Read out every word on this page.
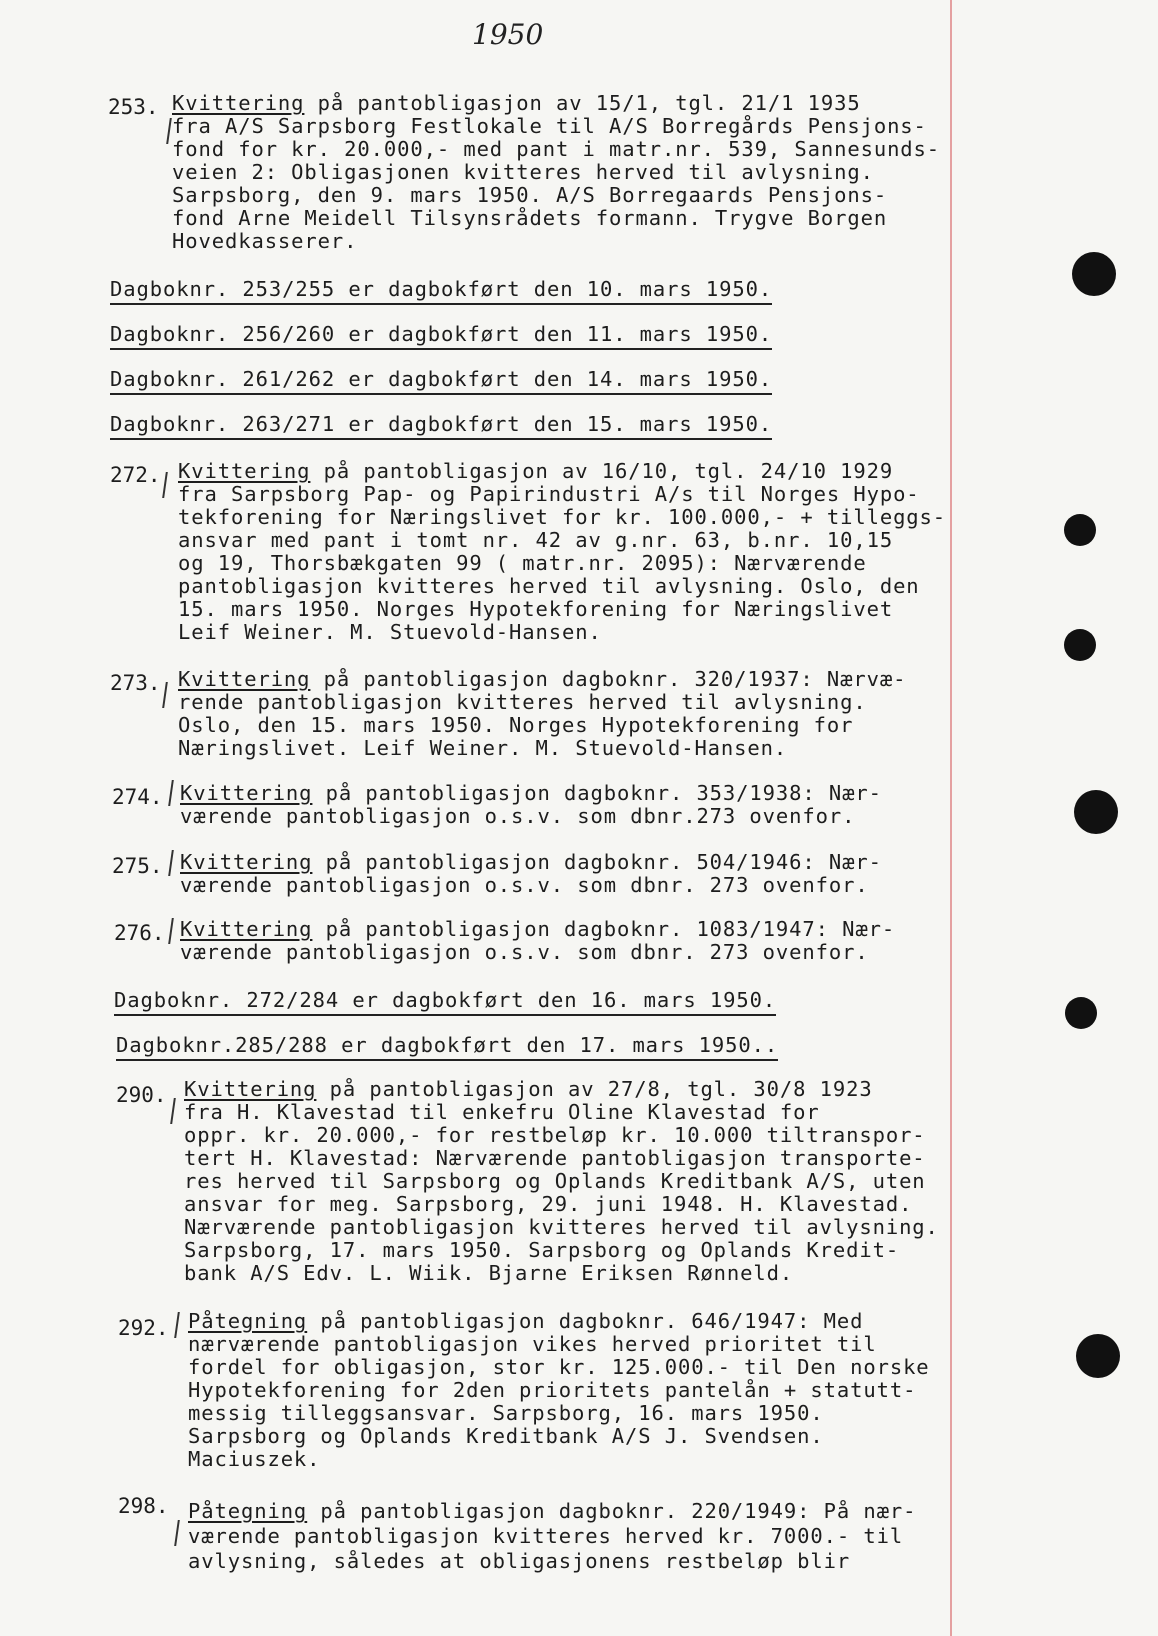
1950
253. Kvittering på pantobligasjon av 15/1, tgl. 21/1 1935
fra A/S Sarpsborg Festlokale til A/S Borregårds Pensjons-
fond for kr. 20.000,- med pant i matr.nr. 539, Sannesunds-
veien 2: Obligasjonen kvitteres herved til avlysning.
Sarpsborg, den 9. mars 1950. A/S Borregaards Pensjons-
fond Arne Meidell Tilsynsrådets formann. Trygve Borgen
Hovedkasserer.
Dagboknr. 253/255 er dagbokført den 10. mars 1950.
Dagboknr. 256/260 er dagbokført den 11. mars 1950.
Dagboknr. 261/262 er dagbokført den 14. mars 1950.
Dagboknr. 263/271 er dagbokført den 15. mars 1950.
272. Kvittering på pantobligasjon av 16/10, tgl. 24/10 1929
fra Sarpsborg Pap- og Papirindustri A/s til Norges Hypo-
tekforening for Næringslivet for kr. 100.000,- + tilleggs-
ansvar med pant i tomt nr. 42 av g.nr. 63, b.nr. 10,15
og 19, Thorsbækgaten 99 ( matr.nr. 2095): Nærværende
pantobligasjon kvitteres herved til avlysning. Oslo, den
15. mars 1950. Norges Hypotekforening for Næringslivet
Leif Weiner. M. Stuevold-Hansen.
273. Kvittering på pantobligasjon dagboknr. 320/1937: Nærvæ-
rende pantobligasjon kvitteres herved til avlysning.
Oslo, den 15. mars 1950. Norges Hypotekforening for
Næringslivet. Leif Weiner. M. Stuevold-Hansen.
274. Kvittering på pantobligasjon dagboknr. 353/1938: Nær-
værende pantobligasjon o.s.v. som dbnr.273 ovenfor.
275. Kvittering på pantobligasjon dagboknr. 504/1946: Nær-
værende pantobligasjon o.s.v. som dbnr. 273 ovenfor.
276. Kvittering på pantobligasjon dagboknr. 1083/1947: Nær-
værende pantobligasjon o.s.v. som dbnr. 273 ovenfor.
Dagboknr. 272/284 er dagbokført den 16. mars 1950.
Dagboknr.285/288 er dagbokført den 17. mars 1950..
290. Kvittering på pantobligasjon av 27/8, tgl. 30/8 1923
fra H. Klavestad til enkefru Oline Klavestad for
oppr. kr. 20.000,- for restbeløp kr. 10.000 tiltranspor-
tert H. Klavestad: Nærværende pantobligasjon transporte-
res herved til Sarpsborg og Oplands Kreditbank A/S, uten
ansvar for meg. Sarpsborg, 29. juni 1948. H. Klavestad.
Nærværende pantobligasjon kvitteres herved til avlysning.
Sarpsborg, 17. mars 1950. Sarpsborg og Oplands Kredit-
bank A/S Edv. L. Wiik. Bjarne Eriksen Rønneld.
292. Påtegning på pantobligasjon dagboknr. 646/1947: Med
nærværende pantobligasjon vikes herved prioritet til
fordel for obligasjon, stor kr. 125.000.- til Den norske
Hypotekforening for 2den prioritets pantelån + statutt-
messig tilleggsansvar. Sarpsborg, 16. mars 1950.
Sarpsborg og Oplands Kreditbank A/S J. Svendsen.
Maciuszek.
298. Påtegning på pantobligasjon dagboknr. 220/1949: På nær-
værende pantobligasjon kvitteres herved kr. 7000.- til
avlysning, således at obligasjonens restbeløp blir
